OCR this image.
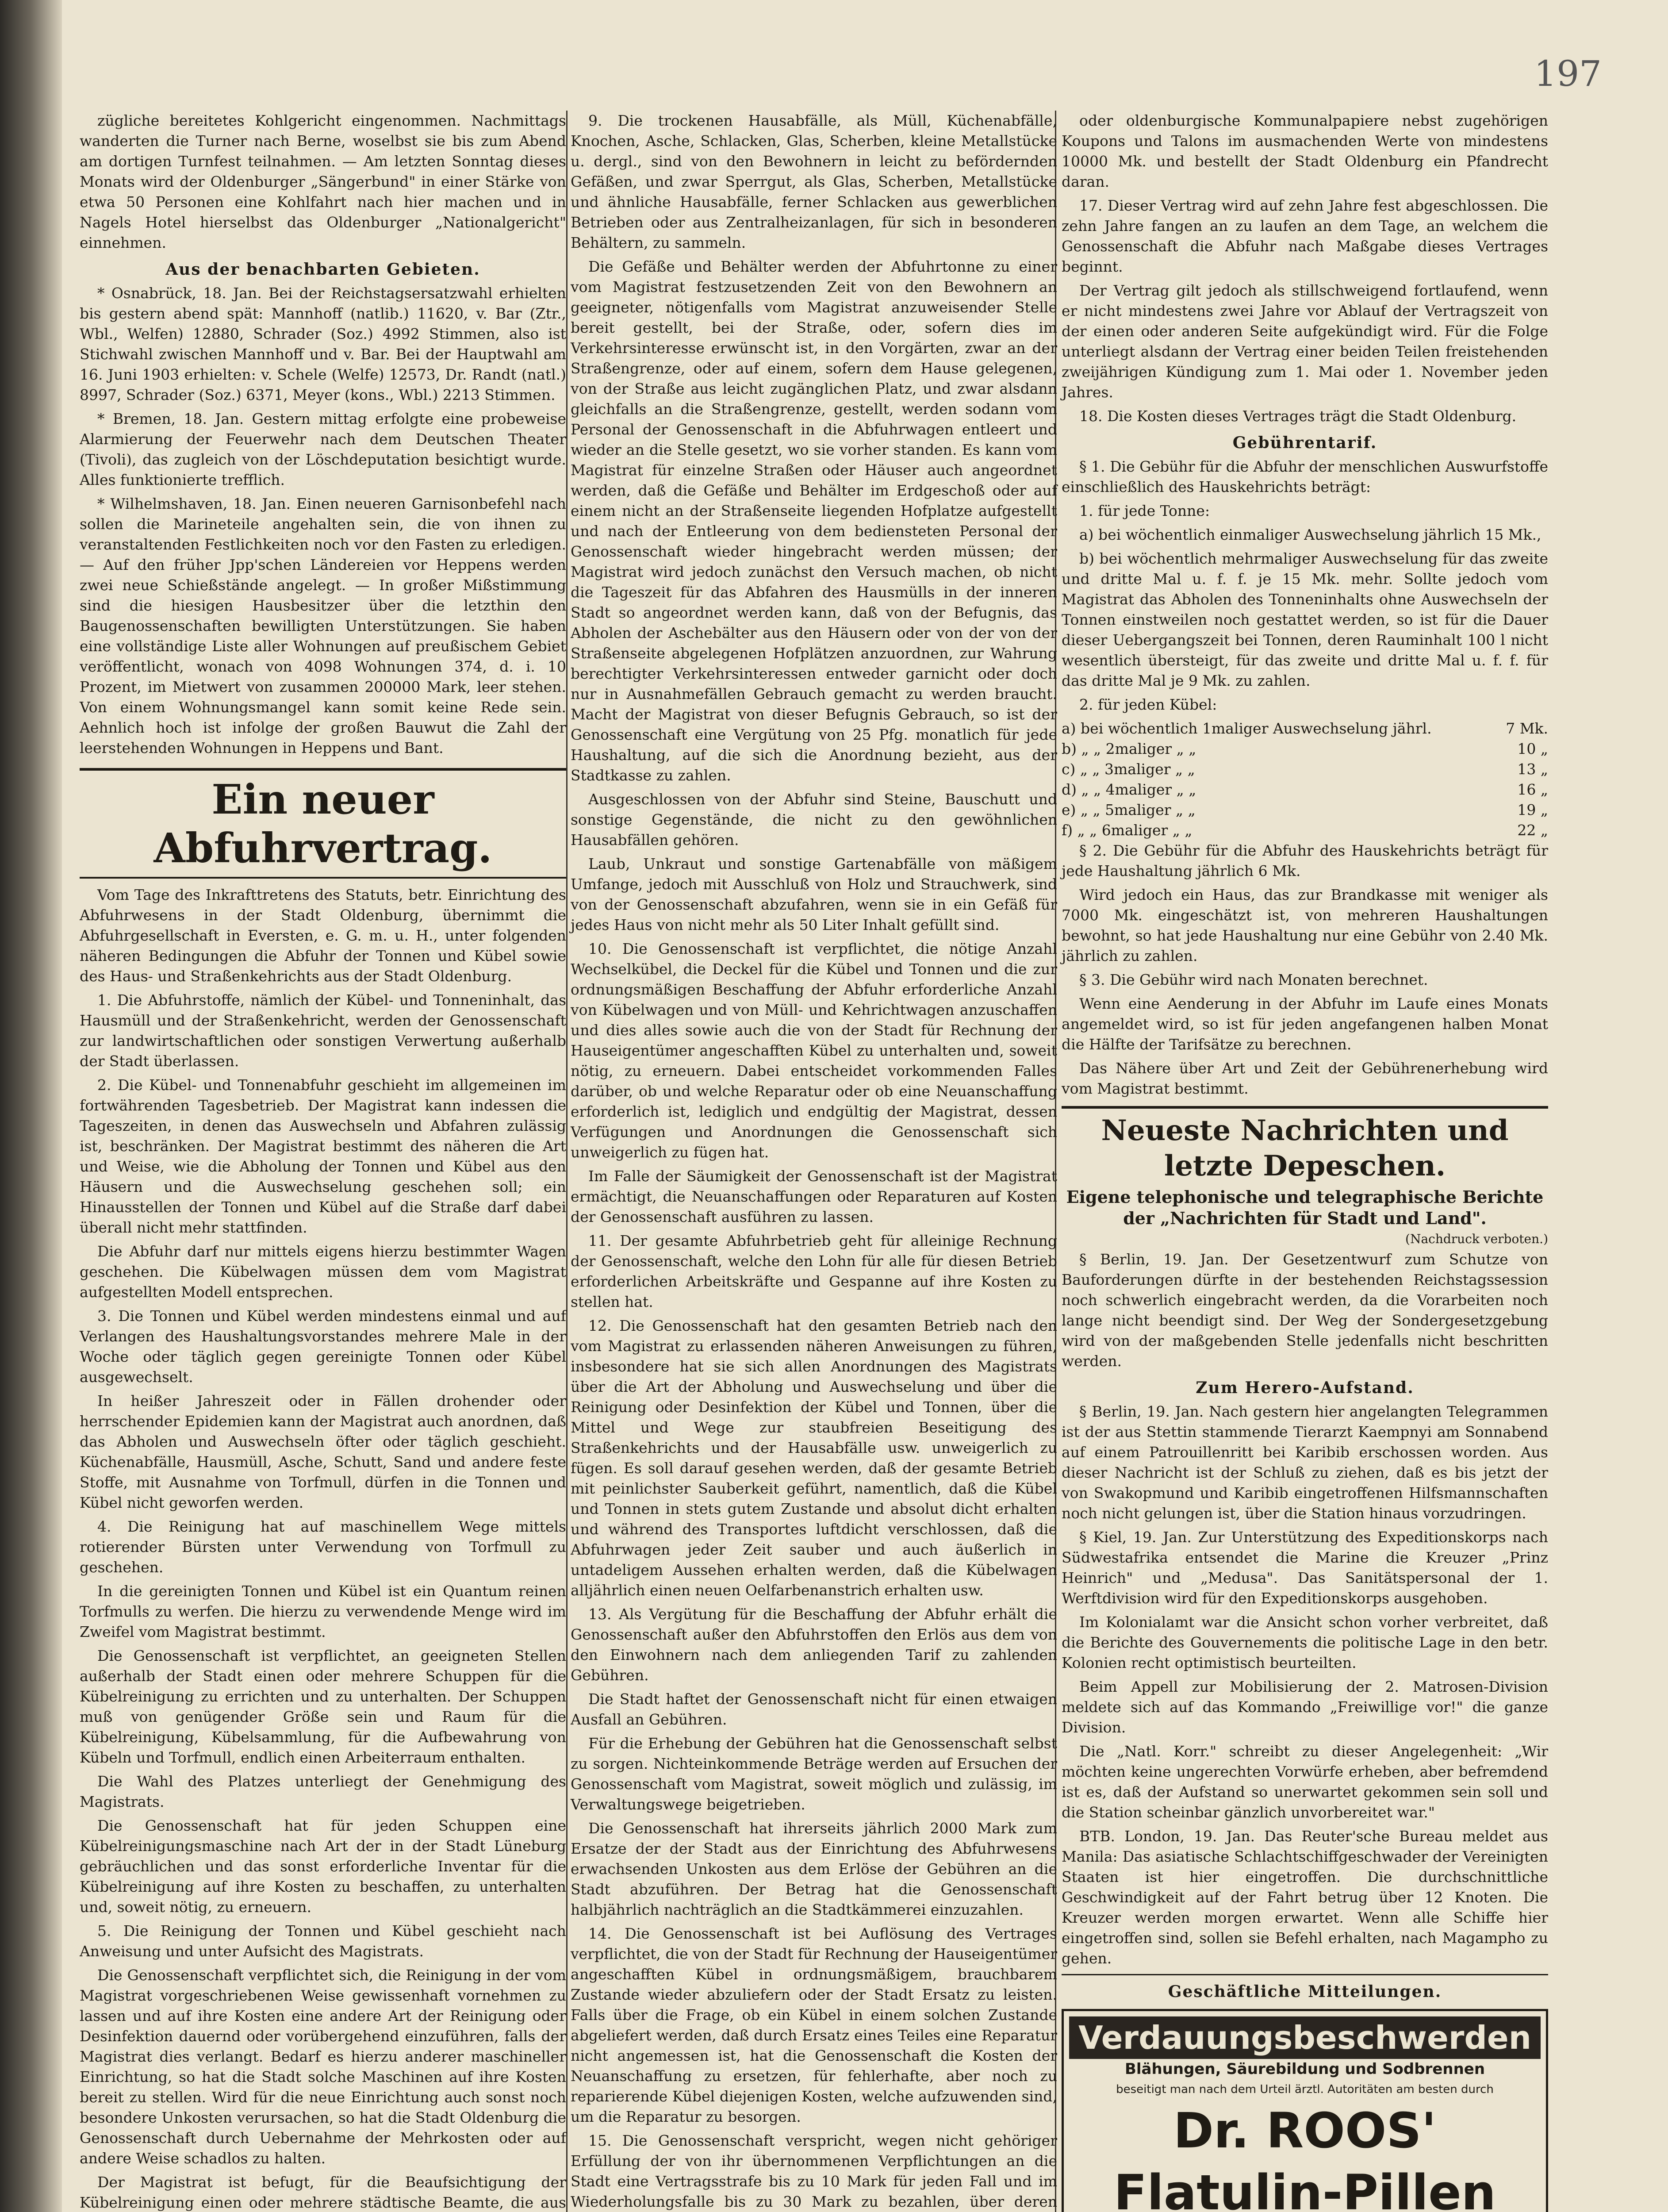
197

zügliche bereitetes Kohlgericht eingenommen. Nachmittags wanderten die Turner nach Berne, woselbst sie bis zum Abend am dortigen Turnfest teilnahmen. — Am letzten Sonntag dieses Monats wird der Oldenburger „Sängerbund" in einer Stärke von etwa 50 Personen eine Kohlfahrt nach hier machen und in Nagels Hotel hierselbst das Oldenburger „Nationalgericht" einnehmen.

Aus der benachbarten Gebieten.

* Osnabrück, 18. Jan. Bei der Reichstagsersatzwahl erhielten bis gestern abend spät: Mannhoff (natlib.) 11620, v. Bar (Ztr., Wbl., Welfen) 12880, Schrader (Soz.) 4992 Stimmen, also ist Stichwahl zwischen Mannhoff und v. Bar. Bei der Hauptwahl am 16. Juni 1903 erhielten: v. Schele (Welfe) 12573, Dr. Randt (natl.) 8997, Schrader (Soz.) 6371, Meyer (kons., Wbl.) 2213 Stimmen.

* Bremen, 18. Jan. Gestern mittag erfolgte eine probeweise Alarmierung der Feuerwehr nach dem Deutschen Theater (Tivoli), das zugleich von der Löschdeputation besichtigt wurde. Alles funktionierte trefflich.

* Wilhelmshaven, 18. Jan. Einen neueren Garnisonbefehl nach sollen die Marineteile angehalten sein, die von ihnen zu veranstaltenden Festlichkeiten noch vor den Fasten zu erledigen. — Auf den früher Jpp'schen Ländereien vor Heppens werden zwei neue Schießstände angelegt. — In großer Mißstimmung sind die hiesigen Hausbesitzer über die letzthin den Baugenossenschaften bewilligten Unterstützungen. Sie haben eine vollständige Liste aller Wohnungen auf preußischem Gebiet veröffentlicht, wonach von 4098 Wohnungen 374, d. i. 10 Prozent, im Mietwert von zusammen 200000 Mark, leer stehen. Von einem Wohnungsmangel kann somit keine Rede sein. Aehnlich hoch ist infolge der großen Bauwut die Zahl der leerstehenden Wohnungen in Heppens und Bant.

Ein neuer Abfuhrvertrag.

Vom Tage des Inkrafttretens des Statuts, betr. Einrichtung des Abfuhrwesens in der Stadt Oldenburg, übernimmt die Abfuhrgesellschaft in Eversten, e. G. m. u. H., unter folgenden näheren Bedingungen die Abfuhr der Tonnen und Kübel sowie des Haus- und Straßenkehrichts aus der Stadt Oldenburg.

1. Die Abfuhrstoffe, nämlich der Kübel- und Tonneninhalt, das Hausmüll und der Straßenkehricht, werden der Genossenschaft zur landwirtschaftlichen oder sonstigen Verwertung außerhalb der Stadt überlassen.

2. Die Kübel- und Tonnenabfuhr geschieht im allgemeinen im fortwährenden Tagesbetrieb. Der Magistrat kann indessen die Tageszeiten, in denen das Auswechseln und Abfahren zulässig ist, beschränken. Der Magistrat bestimmt des näheren die Art und Weise, wie die Abholung der Tonnen und Kübel aus den Häusern und die Auswechselung geschehen soll; ein Hinausstellen der Tonnen und Kübel auf die Straße darf dabei überall nicht mehr stattfinden.

Die Abfuhr darf nur mittels eigens hierzu bestimmter Wagen geschehen. Die Kübelwagen müssen dem vom Magistrat aufgestellten Modell entsprechen.

3. Die Tonnen und Kübel werden mindestens einmal und auf Verlangen des Haushaltungsvorstandes mehrere Male in der Woche oder täglich gegen gereinigte Tonnen oder Kübel ausgewechselt.

In heißer Jahreszeit oder in Fällen drohender oder herrschender Epidemien kann der Magistrat auch anordnen, daß das Abholen und Auswechseln öfter oder täglich geschieht. Küchenabfälle, Hausmüll, Asche, Schutt, Sand und andere feste Stoffe, mit Ausnahme von Torfmull, dürfen in die Tonnen und Kübel nicht geworfen werden.

4. Die Reinigung hat auf maschinellem Wege mittels rotierender Bürsten unter Verwendung von Torfmull zu geschehen.

In die gereinigten Tonnen und Kübel ist ein Quantum reinen Torfmulls zu werfen. Die hierzu zu verwendende Menge wird im Zweifel vom Magistrat bestimmt.

Die Genossenschaft ist verpflichtet, an geeigneten Stellen außerhalb der Stadt einen oder mehrere Schuppen für die Kübelreinigung zu errichten und zu unterhalten. Der Schuppen muß von genügender Größe sein und Raum für die Kübelreinigung, Kübelsammlung, für die Aufbewahrung von Kübeln und Torfmull, endlich einen Arbeiterraum enthalten.

Die Wahl des Platzes unterliegt der Genehmigung des Magistrats.

Die Genossenschaft hat für jeden Schuppen eine Kübelreinigungsmaschine nach Art der in der Stadt Lüneburg gebräuchlichen und das sonst erforderliche Inventar für die Kübelreinigung auf ihre Kosten zu beschaffen, zu unterhalten und, soweit nötig, zu erneuern.

5. Die Reinigung der Tonnen und Kübel geschieht nach Anweisung und unter Aufsicht des Magistrats.

Die Genossenschaft verpflichtet sich, die Reinigung in der vom Magistrat vorgeschriebenen Weise gewissenhaft vornehmen zu lassen und auf ihre Kosten eine andere Art der Reinigung oder Desinfektion dauernd oder vorübergehend einzuführen, falls der Magistrat dies verlangt. Bedarf es hierzu anderer maschineller Einrichtung, so hat die Stadt solche Maschinen auf ihre Kosten bereit zu stellen. Wird für die neue Einrichtung auch sonst noch besondere Unkosten verursachen, so hat die Stadt Oldenburg die Genossenschaft durch Uebernahme der Mehrkosten oder auf andere Weise schadlos zu halten.

Der Magistrat ist befugt, für die Beaufsichtigung der Kübelreinigung einen oder mehrere städtische Beamte, die aus

9. Die trockenen Hausabfälle, als Müll, Küchenabfälle, Knochen, Asche, Schlacken, Glas, Scherben, kleine Metallstücke u. dergl., sind von den Bewohnern in leicht zu befördernden Gefäßen, und zwar Sperrgut, als Glas, Scherben, Metallstücke und ähnliche Hausabfälle, ferner Schlacken aus gewerblichen Betrieben oder aus Zentralheizanlagen, für sich in besonderen Behältern, zu sammeln.

Die Gefäße und Behälter werden der Abfuhrtonne zu einer vom Magistrat festzusetzenden Zeit von den Bewohnern an geeigneter, nötigenfalls vom Magistrat anzuweisender Stelle bereit gestellt, bei der Straße, oder, sofern dies im Verkehrsinteresse erwünscht ist, in den Vorgärten, zwar an der Straßengrenze, oder auf einem, sofern dem Hause gelegenen, von der Straße aus leicht zugänglichen Platz, und zwar alsdann gleichfalls an die Straßengrenze, gestellt, werden sodann vom Personal der Genossenschaft in die Abfuhrwagen entleert und wieder an die Stelle gesetzt, wo sie vorher standen. Es kann vom Magistrat für einzelne Straßen oder Häuser auch angeordnet werden, daß die Gefäße und Behälter im Erdgeschoß oder auf einem nicht an der Straßenseite liegenden Hofplatze aufgestellt und nach der Entleerung von dem bediensteten Personal der Genossenschaft wieder hingebracht werden müssen; der Magistrat wird jedoch zunächst den Versuch machen, ob nicht die Tageszeit für das Abfahren des Hausmülls in der inneren Stadt so angeordnet werden kann, daß von der Befugnis, das Abholen der Aschebälter aus den Häusern oder von der von der Straßenseite abgelegenen Hofplätzen anzuordnen, zur Wahrung berechtigter Verkehrsinteressen entweder garnicht oder doch nur in Ausnahmefällen Gebrauch gemacht zu werden braucht. Macht der Magistrat von dieser Befugnis Gebrauch, so ist der Genossenschaft eine Vergütung von 25 Pfg. monatlich für jede Haushaltung, auf die sich die Anordnung bezieht, aus der Stadtkasse zu zahlen.

Ausgeschlossen von der Abfuhr sind Steine, Bauschutt und sonstige Gegenstände, die nicht zu den gewöhnlichen Hausabfällen gehören.

Laub, Unkraut und sonstige Gartenabfälle von mäßigem Umfange, jedoch mit Ausschluß von Holz und Strauchwerk, sind von der Genossenschaft abzufahren, wenn sie in ein Gefäß für jedes Haus von nicht mehr als 50 Liter Inhalt gefüllt sind.

10. Die Genossenschaft ist verpflichtet, die nötige Anzahl Wechselkübel, die Deckel für die Kübel und Tonnen und die zur ordnungsmäßigen Beschaffung der Abfuhr erforderliche Anzahl von Kübelwagen und von Müll- und Kehrichtwagen anzuschaffen und dies alles sowie auch die von der Stadt für Rechnung der Hauseigentümer angeschafften Kübel zu unterhalten und, soweit nötig, zu erneuern. Dabei entscheidet vorkommenden Falles darüber, ob und welche Reparatur oder ob eine Neuanschaffung erforderlich ist, lediglich und endgültig der Magistrat, dessen Verfügungen und Anordnungen die Genossenschaft sich unweigerlich zu fügen hat.

Im Falle der Säumigkeit der Genossenschaft ist der Magistrat ermächtigt, die Neuanschaffungen oder Reparaturen auf Kosten der Genossenschaft ausführen zu lassen.

11. Der gesamte Abfuhrbetrieb geht für alleinige Rechnung der Genossenschaft, welche den Lohn für alle für diesen Betrieb erforderlichen Arbeitskräfte und Gespanne auf ihre Kosten zu stellen hat.

12. Die Genossenschaft hat den gesamten Betrieb nach den vom Magistrat zu erlassenden näheren Anweisungen zu führen, insbesondere hat sie sich allen Anordnungen des Magistrats über die Art der Abholung und Auswechselung und über die Reinigung oder Desinfektion der Kübel und Tonnen, über die Mittel und Wege zur staubfreien Beseitigung des Straßenkehrichts und der Hausabfälle usw. unweigerlich zu fügen. Es soll darauf gesehen werden, daß der gesamte Betrieb mit peinlichster Sauberkeit geführt, namentlich, daß die Kübel und Tonnen in stets gutem Zustande und absolut dicht erhalten und während des Transportes luftdicht verschlossen, daß die Abfuhrwagen jeder Zeit sauber und auch äußerlich in untadeligem Aussehen erhalten werden, daß die Kübelwagen alljährlich einen neuen Oelfarbenanstrich erhalten usw.

13. Als Vergütung für die Beschaffung der Abfuhr erhält die Genossenschaft außer den Abfuhrstoffen den Erlös aus dem von den Einwohnern nach dem anliegenden Tarif zu zahlenden Gebühren.

Die Stadt haftet der Genossenschaft nicht für einen etwaigen Ausfall an Gebühren.

Für die Erhebung der Gebühren hat die Genossenschaft selbst zu sorgen. Nichteinkommende Beträge werden auf Ersuchen der Genossenschaft vom Magistrat, soweit möglich und zulässig, im Verwaltungswege beigetrieben.

Die Genossenschaft hat ihrerseits jährlich 2000 Mark zum Ersatze der der Stadt aus der Einrichtung des Abfuhrwesens erwachsenden Unkosten aus dem Erlöse der Gebühren an die Stadt abzuführen. Der Betrag hat die Genossenschaft halbjährlich nachträglich an die Stadtkämmerei einzuzahlen.

14. Die Genossenschaft ist bei Auflösung des Vertrages verpflichtet, die von der Stadt für Rechnung der Hauseigentümer angeschafften Kübel in ordnungsmäßigem, brauchbarem Zustande wieder abzuliefern oder der Stadt Ersatz zu leisten. Falls über die Frage, ob ein Kübel in einem solchen Zustande abgeliefert werden, daß durch Ersatz eines Teiles eine Reparatur nicht angemessen ist, hat die Genossenschaft die Kosten der Neuanschaffung zu ersetzen, für fehlerhafte, aber noch zu reparierende Kübel diejenigen Kosten, welche aufzuwenden sind, um die Reparatur zu besorgen.

15. Die Genossenschaft verspricht, wegen nicht gehöriger Erfüllung der von ihr übernommenen Verpflichtungen an die Stadt eine Vertragsstrafe bis zu 10 Mark für jeden Fall und im Wiederholungsfalle bis zu 30 Mark zu bezahlen, über deren

oder oldenburgische Kommunalpapiere nebst zugehörigen Koupons und Talons im ausmachenden Werte von mindestens 10000 Mk. und bestellt der Stadt Oldenburg ein Pfandrecht daran.

17. Dieser Vertrag wird auf zehn Jahre fest abgeschlossen. Die zehn Jahre fangen an zu laufen an dem Tage, an welchem die Genossenschaft die Abfuhr nach Maßgabe dieses Vertrages beginnt.

Der Vertrag gilt jedoch als stillschweigend fortlaufend, wenn er nicht mindestens zwei Jahre vor Ablauf der Vertragszeit von der einen oder anderen Seite aufgekündigt wird. Für die Folge unterliegt alsdann der Vertrag einer beiden Teilen freistehenden zweijährigen Kündigung zum 1. Mai oder 1. November jeden Jahres.

18. Die Kosten dieses Vertrages trägt die Stadt Oldenburg.

Gebührentarif.

§ 1. Die Gebühr für die Abfuhr der menschlichen Auswurfstoffe einschließlich des Hauskehrichts beträgt:

1. für jede Tonne:

a) bei wöchentlich einmaliger Auswechselung jährlich 15 Mk.,

b) bei wöchentlich mehrmaliger Auswechselung für das zweite und dritte Mal u. f. f. je 15 Mk. mehr. Sollte jedoch vom Magistrat das Abholen des Tonneninhalts ohne Auswechseln der Tonnen einstweilen noch gestattet werden, so ist für die Dauer dieser Uebergangszeit bei Tonnen, deren Rauminhalt 100 l nicht wesentlich übersteigt, für das zweite und dritte Mal u. f. f. für das dritte Mal je 9 Mk. zu zahlen.

2. für jeden Kübel:

a) bei wöchentlich 1maliger Auswechselung jährl.	7 Mk.
b) „ „ 2maliger „ „	10 „
c) „ „ 3maliger „ „	13 „
d) „ „ 4maliger „ „	16 „
e) „ „ 5maliger „ „	19 „
f) „ „ 6maliger „ „	22 „

§ 2. Die Gebühr für die Abfuhr des Hauskehrichts beträgt für jede Haushaltung jährlich 6 Mk.

Wird jedoch ein Haus, das zur Brandkasse mit weniger als 7000 Mk. eingeschätzt ist, von mehreren Haushaltungen bewohnt, so hat jede Haushaltung nur eine Gebühr von 2.40 Mk. jährlich zu zahlen.

§ 3. Die Gebühr wird nach Monaten berechnet.

Wenn eine Aenderung in der Abfuhr im Laufe eines Monats angemeldet wird, so ist für jeden angefangenen halben Monat die Hälfte der Tarifsätze zu berechnen.

Das Nähere über Art und Zeit der Gebührenerhebung wird vom Magistrat bestimmt.

Neueste Nachrichten und letzte Depeschen.
Eigene telephonische und telegraphische Berichte der „Nachrichten für Stadt und Land".
(Nachdruck verboten.)

§ Berlin, 19. Jan. Der Gesetzentwurf zum Schutze von Bauforderungen dürfte in der bestehenden Reichstagssession noch schwerlich eingebracht werden, da die Vorarbeiten noch lange nicht beendigt sind. Der Weg der Sondergesetzgebung wird von der maßgebenden Stelle jedenfalls nicht beschritten werden.

Zum Herero-Aufstand.

§ Berlin, 19. Jan. Nach gestern hier angelangten Telegrammen ist der aus Stettin stammende Tierarzt Kaempnyi am Sonnabend auf einem Patrouillenritt bei Karibib erschossen worden. Aus dieser Nachricht ist der Schluß zu ziehen, daß es bis jetzt der von Swakopmund und Karibib eingetroffenen Hilfsmannschaften noch nicht gelungen ist, über die Station hinaus vorzudringen.

§ Kiel, 19. Jan. Zur Unterstützung des Expeditionskorps nach Südwestafrika entsendet die Marine die Kreuzer „Prinz Heinrich" und „Medusa". Das Sanitätspersonal der 1. Werftdivision wird für den Expeditionskorps ausgehoben.

Im Kolonialamt war die Ansicht schon vorher verbreitet, daß die Berichte des Gouvernements die politische Lage in den betr. Kolonien recht optimistisch beurteilten.

Beim Appell zur Mobilisierung der 2. Matrosen-Division meldete sich auf das Kommando „Freiwillige vor!" die ganze Division.

Die „Natl. Korr." schreibt zu dieser Angelegenheit: „Wir möchten keine ungerechten Vorwürfe erheben, aber befremdend ist es, daß der Aufstand so unerwartet gekommen sein soll und die Station scheinbar gänzlich unvorbereitet war."

BTB. London, 19. Jan. Das Reuter'sche Bureau meldet aus Manila: Das asiatische Schlachtschiffgeschwader der Vereinigten Staaten ist hier eingetroffen. Die durchschnittliche Geschwindigkeit auf der Fahrt betrug über 12 Knoten. Die Kreuzer werden morgen erwartet. Wenn alle Schiffe hier eingetroffen sind, sollen sie Befehl erhalten, nach Magampho zu gehen.

Geschäftliche Mitteilungen.
Verdauungsbeschwerden
Blähungen, Säurebildung und Sodbrennen
beseitigt man nach dem Urteil ärztl. Autoritäten am besten durch
Dr. ROOS' Flatulin-Pillen
